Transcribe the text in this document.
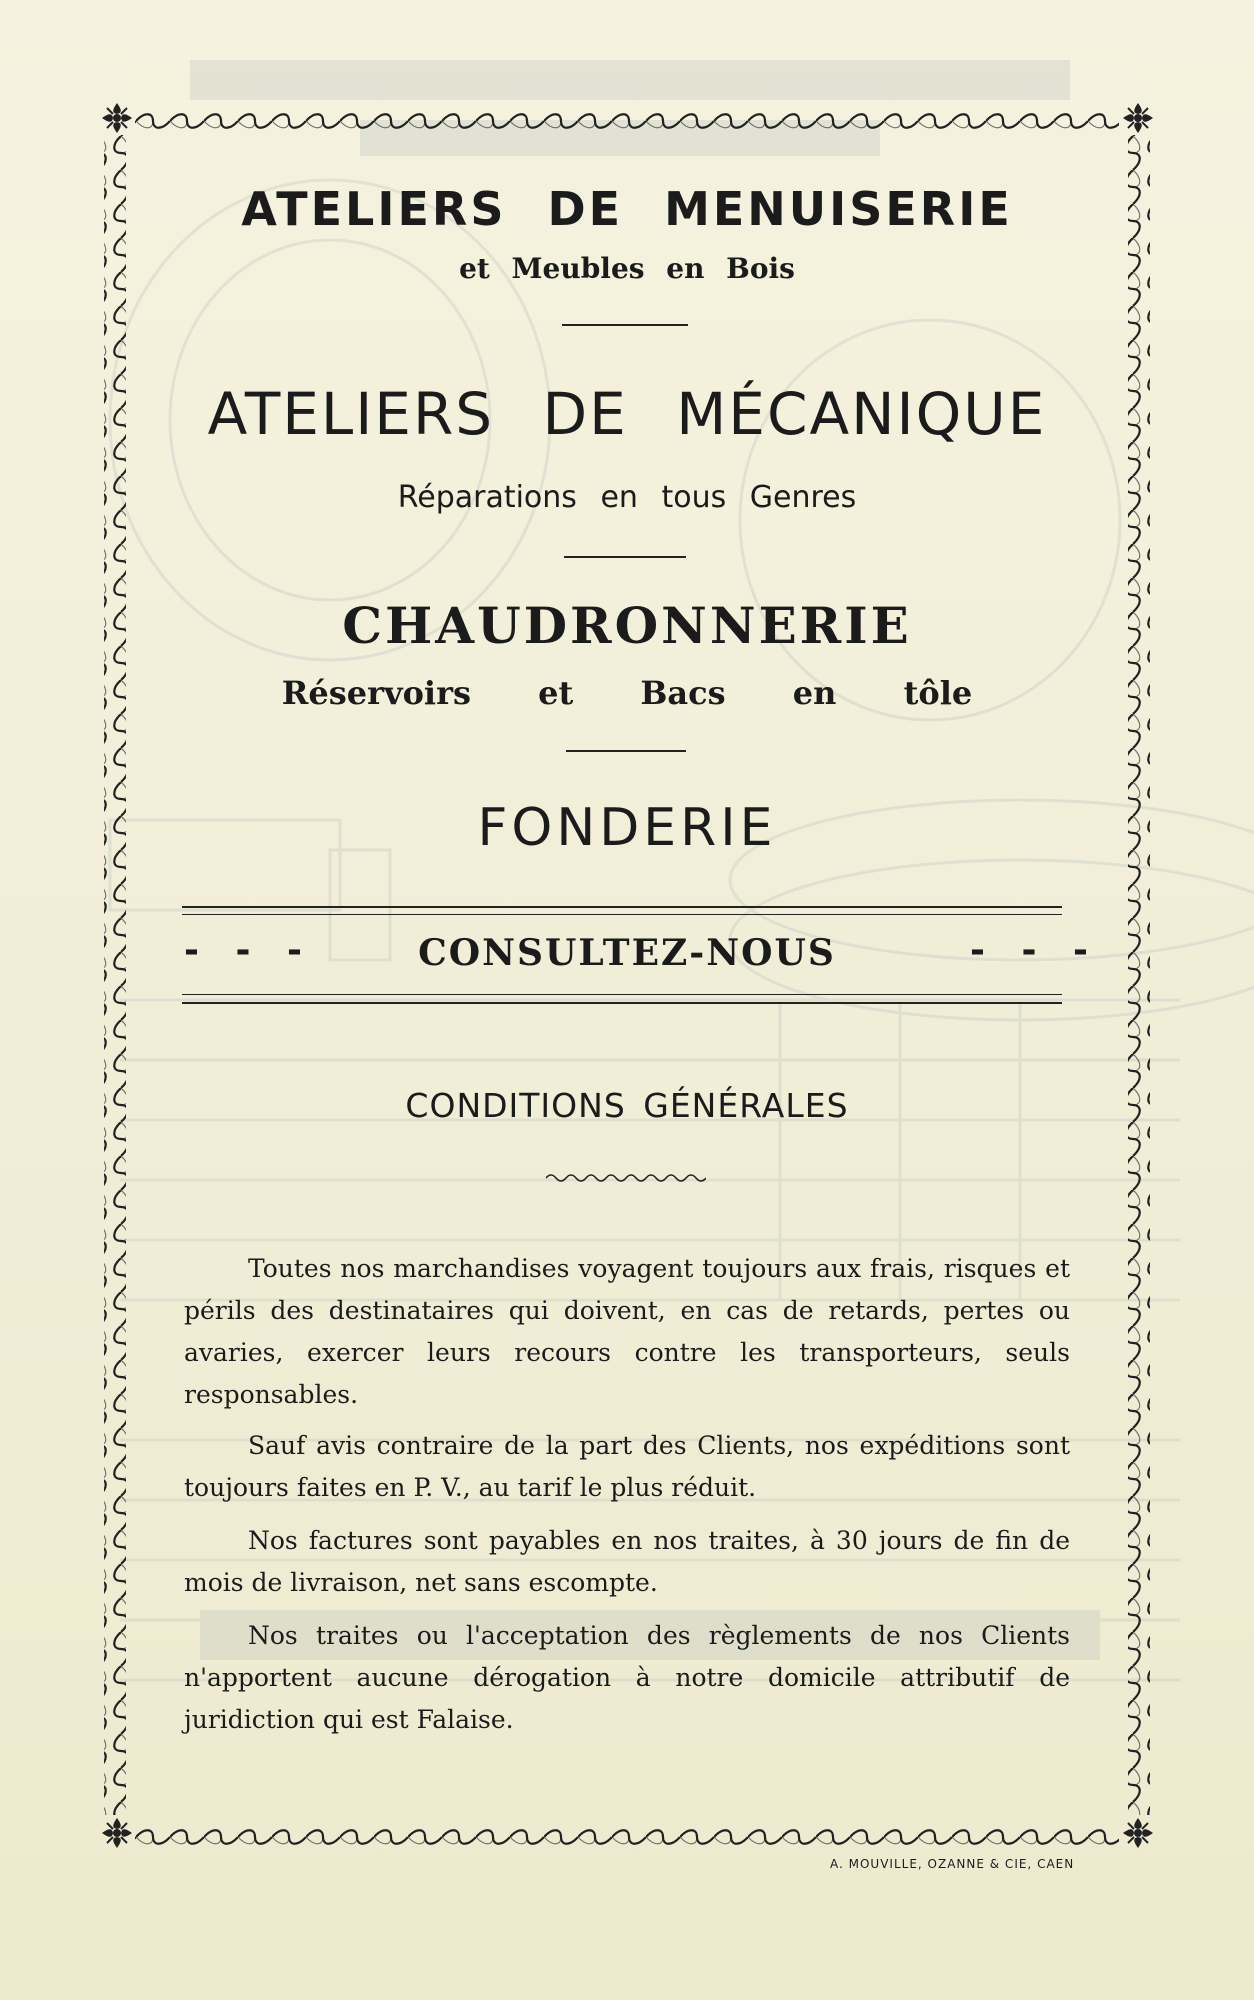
ATELIERS DE MENUISERIE
et Meubles en Bois
ATELIERS DE MÉCANIQUE
Réparations en tous Genres
CHAUDRONNERIE
Réservoirs et Bacs en tôle
FONDERIE
- - -	CONSULTEZ-NOUS	- - -
CONDITIONS GÉNÉRALES
Toutes nos marchandises voyagent toujours aux frais, risques et périls des destinataires qui doivent, en cas de retards, pertes ou avaries, exercer leurs recours contre les transporteurs, seuls responsables.
Sauf avis contraire de la part des Clients, nos expéditions sont toujours faites en P. V., au tarif le plus réduit.
Nos factures sont payables en nos traites, à 30 jours de fin de mois de livraison, net sans escompte.
Nos traites ou l'acceptation des règlements de nos Clients n'apportent aucune dérogation à notre domicile attributif de juridiction qui est Falaise.
A. MOUVILLE, OZANNE & CIE, CAEN
